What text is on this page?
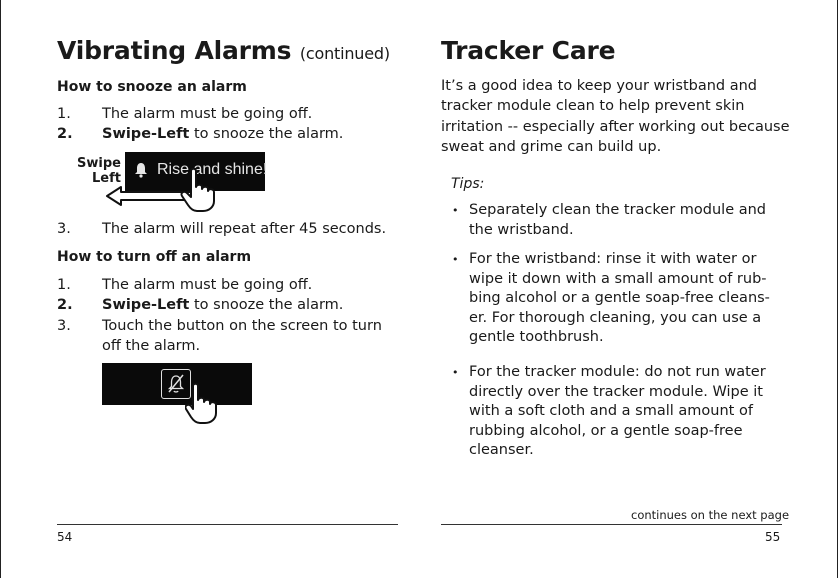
Vibrating Alarms (continued)
How to snooze an alarm
1.	The alarm must be going off.
2.	Swipe-Left to snooze the alarm.
Swipe
Left
Rise and shine!
3.	The alarm will repeat after 45 seconds.
How to turn off an alarm
1.	The alarm must be going off.
2.	Swipe-Left to snooze the alarm.
3.	Touch the button on the screen to turn
off the alarm.
54
Tracker Care
It’s a good idea to keep your wristband and
tracker module clean to help prevent skin
irritation -- especially after working out because
sweat and grime can build up.
Tips:
• Separately clean the tracker module and
the wristband.
• For the wristband: rinse it with water or
wipe it down with a small amount of rub-
bing alcohol or a gentle soap-free cleans-
er. For thorough cleaning, you can use a
gentle toothbrush.
• For the tracker module: do not run water
directly over the tracker module. Wipe it
with a soft cloth and a small amount of
rubbing alcohol, or a gentle soap-free
cleanser.
continues on the next page
55
